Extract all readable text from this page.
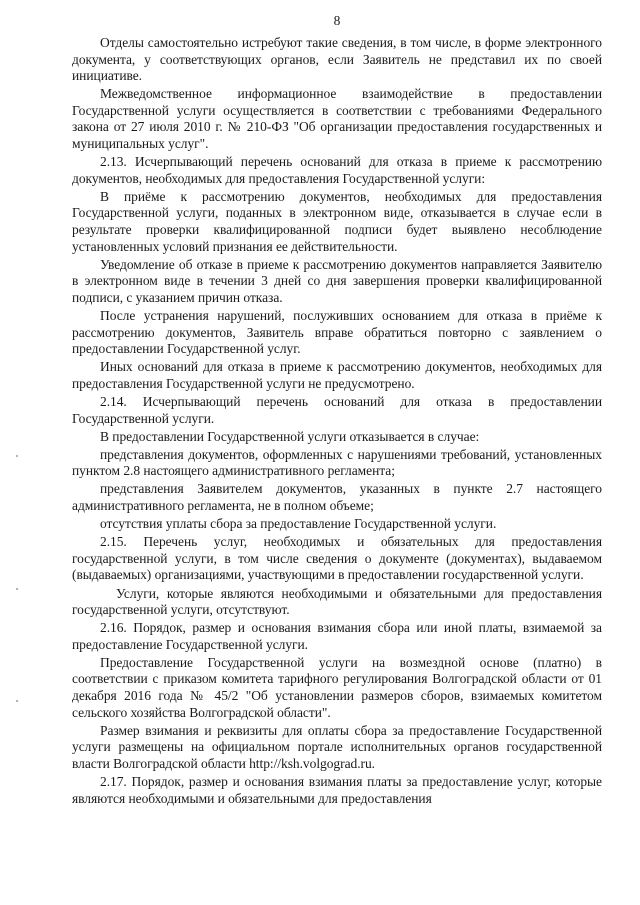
8

Отделы самостоятельно истребуют такие сведения, в том числе, в форме электронного документа, у соответствующих органов, если Заявитель не представил их по своей инициативе.

Межведомственное информационное взаимодействие в предоставлении Государственной услуги осуществляется в соответствии с требованиями Федерального закона от 27 июля 2010 г. № 210-ФЗ "Об организации предоставления государственных и муниципальных услуг".

2.13. Исчерпывающий перечень оснований для отказа в приеме к рассмотрению документов, необходимых для предоставления Государственной услуги:

В приёме к рассмотрению документов, необходимых для предоставления Государственной услуги, поданных в электронном виде, отказывается в случае если в результате проверки квалифицированной подписи будет выявлено несоблюдение установленных условий признания ее действительности.

Уведомление об отказе в приеме к рассмотрению документов направляется Заявителю в электронном виде в течении 3 дней со дня завершения проверки квалифицированной подписи, с указанием причин отказа.

После устранения нарушений, послуживших основанием для отказа в приёме к рассмотрению документов, Заявитель вправе обратиться повторно с заявлением о предоставлении Государственной услуг.

Иных оснований для отказа в приеме к рассмотрению документов, необходимых для предоставления Государственной услуги не предусмотрено.

2.14. Исчерпывающий перечень оснований для отказа в предоставлении Государственной услуги.

В предоставлении Государственной услуги отказывается в случае:

представления документов, оформленных с нарушениями требований, установленных пунктом 2.8 настоящего административного регламента;

представления Заявителем документов, указанных в пункте 2.7 настоящего административного регламента, не в полном объеме;

отсутствия уплаты сбора за предоставление Государственной услуги.

2.15. Перечень услуг, необходимых и обязательных для предоставления государственной услуги, в том числе сведения о документе (документах), выдаваемом (выдаваемых) организациями, участвующими в предоставлении государственной услуги.

Услуги, которые являются необходимыми и обязательными для предоставления государственной услуги, отсутствуют.

2.16. Порядок, размер и основания взимания сбора или иной платы, взимаемой за предоставление Государственной услуги.

Предоставление Государственной услуги на возмездной основе (платно) в соответствии с приказом комитета тарифного регулирования Волгоградской области от 01 декабря 2016 года № 45/2 "Об установлении размеров сборов, взимаемых комитетом сельского хозяйства Волгоградской области".

Размер взимания и реквизиты для оплаты сбора за предоставление Государственной услуги размещены на официальном портале исполнительных органов государственной власти Волгоградской области http://ksh.volgograd.ru.

2.17. Порядок, размер и основания взимания платы за предоставление услуг, которые являются необходимыми и обязательными для предоставления
